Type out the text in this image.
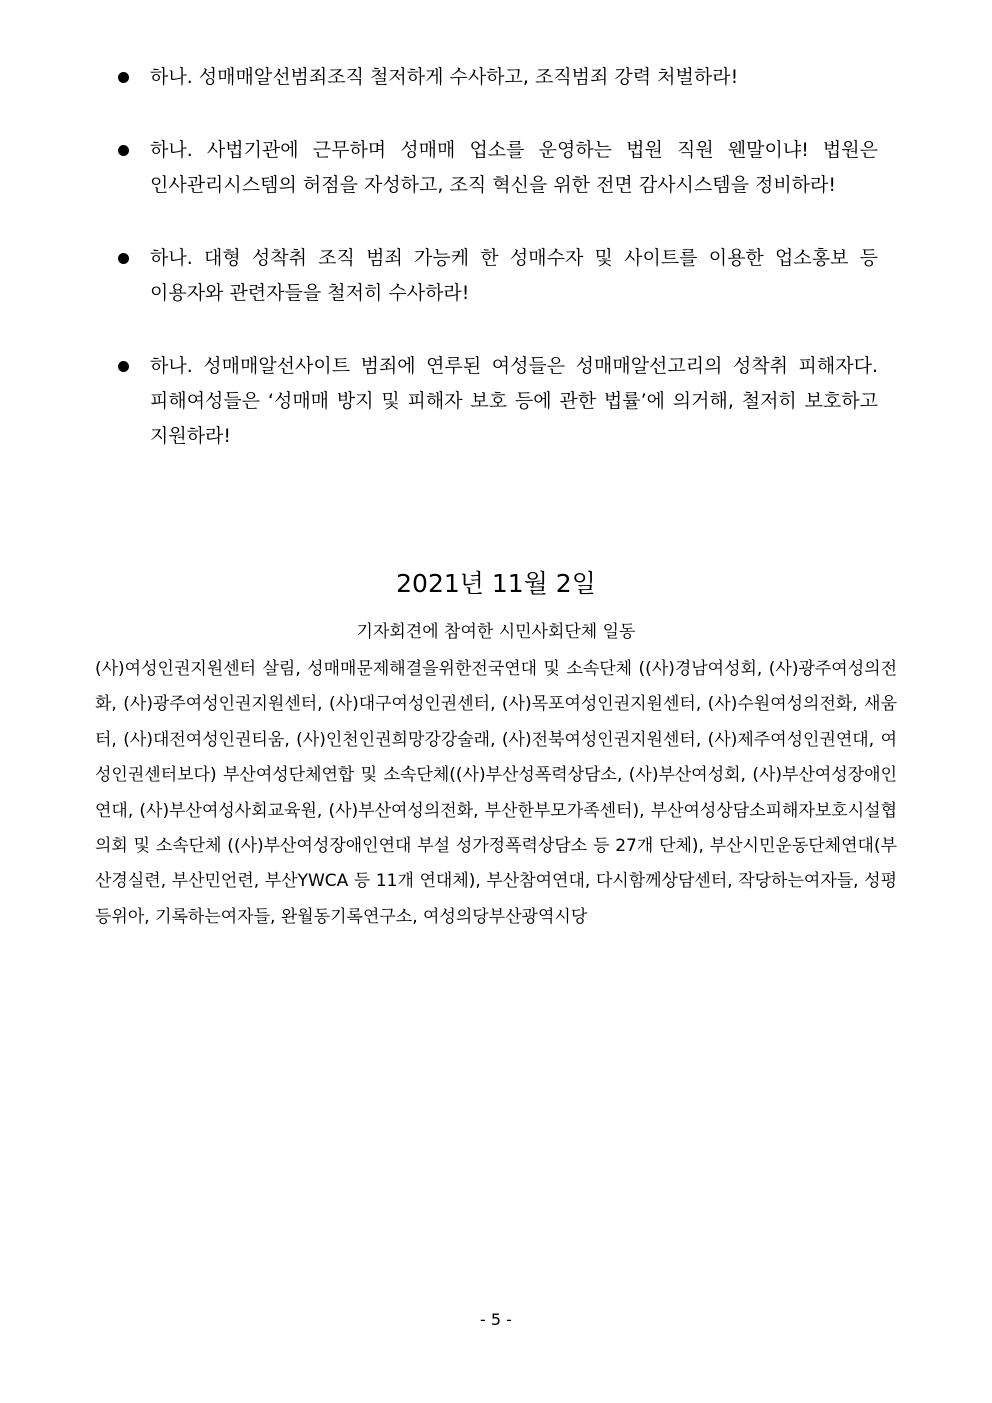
하나. 성매매알선범죄조직 철저하게 수사하고, 조직범죄 강력 처벌하라!
하나. 사법기관에 근무하며 성매매 업소를 운영하는 법원 직원 웬말이냐! 법원은 인사관리시스템의 허점을 자성하고, 조직 혁신을 위한 전면 감사시스템을 정비하라!
하나. 대형 성착취 조직 범죄 가능케 한 성매수자 및 사이트를 이용한 업소홍보 등 이용자와 관련자들을 철저히 수사하라!
하나. 성매매알선사이트 범죄에 연루된 여성들은 성매매알선고리의 성착취 피해자다. 피해여성들은 ‘성매매 방지 및 피해자 보호 등에 관한 법률’에 의거해, 철저히 보호하고 지원하라!
2021년 11월 2일
기자회견에 참여한 시민사회단체 일동

(사)여성인권지원센터 살림, 성매매문제해결을위한전국연대 및 소속단체 ((사)경남여성회, (사)광주여성의전화, (사)광주여성인권지원센터, (사)대구여성인권센터, (사)목포여성인권지원센터, (사)수원여성의전화, 새움터, (사)대전여성인권티움, (사)인천인권희망강강술래, (사)전북여성인권지원센터, (사)제주여성인권연대, 여성인권센터보다) 부산여성단체연합 및 소속단체((사)부산성폭력상담소, (사)부산여성회, (사)부산여성장애인연대, (사)부산여성사회교육원, (사)부산여성의전화, 부산한부모가족센터), 부산여성상담소피해자보호시설협의회 및 소속단체 ((사)부산여성장애인연대 부설 성가정폭력상담소 등 27개 단체), 부산시민운동단체연대(부산경실련, 부산민언련, 부산YWCA 등 11개 연대체), 부산참여연대, 다시함께상담센터, 작당하는여자들, 성평등위아, 기록하는여자들, 완월동기록연구소, 여성의당부산광역시당

- 5 -
